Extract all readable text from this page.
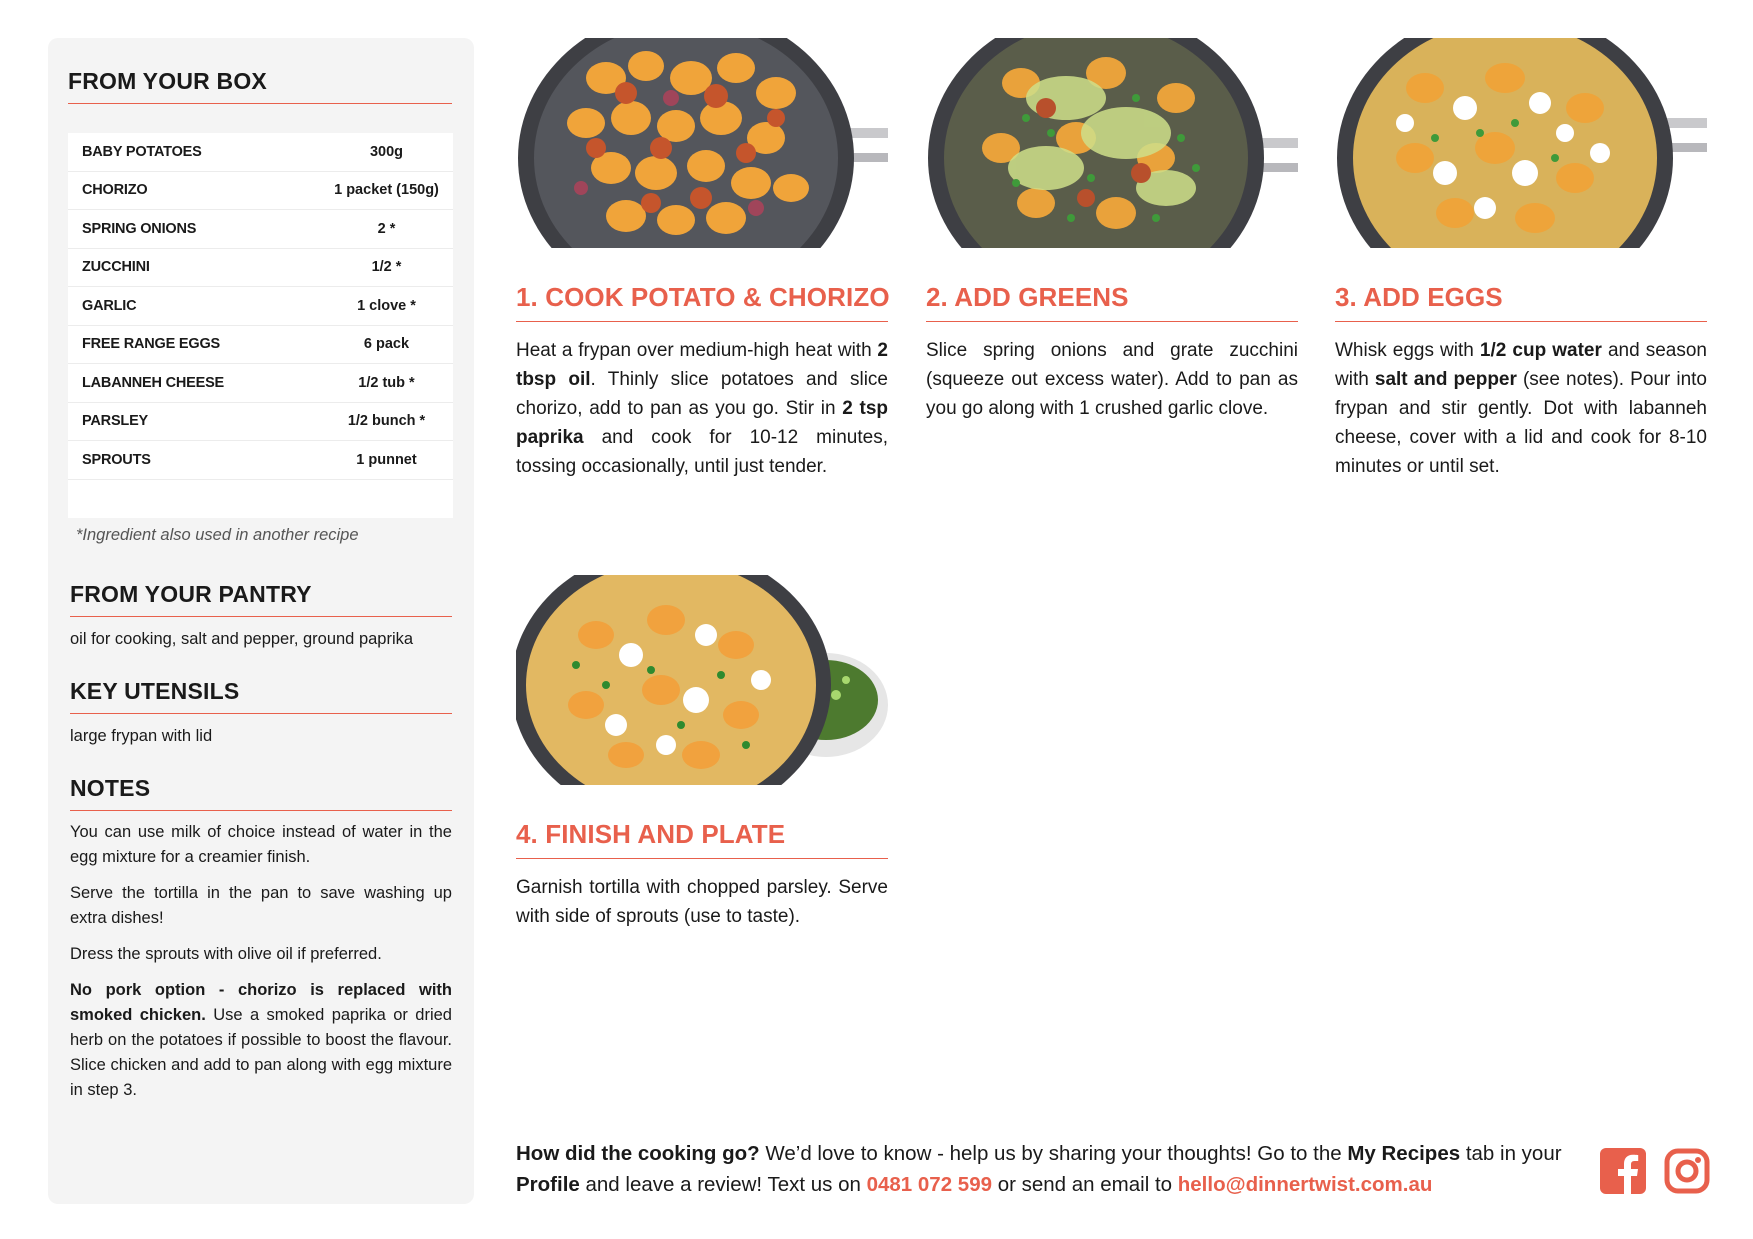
FROM YOUR BOX
BABY POTATOES	300g
CHORIZO	1 packet (150g)
SPRING ONIONS	2 *
ZUCCHINI	1/2 *
GARLIC	1 clove *
FREE RANGE EGGS	6 pack
LABANNEH CHEESE	1/2 tub *
PARSLEY	1/2 bunch *
SPROUTS	1 punnet
*Ingredient also used in another recipe
FROM YOUR PANTRY
oil for cooking, salt and pepper, ground paprika
KEY UTENSILS
large frypan with lid
NOTES

You can use milk of choice instead of water in the egg mixture for a creamier finish.

Serve the tortilla in the pan to save washing up extra dishes!

Dress the sprouts with olive oil if preferred.

No pork option - chorizo is replaced with smoked chicken. Use a smoked paprika or dried herb on the potatoes if possible to boost the flavour. Slice chicken and add to pan along with egg mixture in step 3.

1. COOK POTATO & CHORIZO
Heat a frypan over medium-high heat with 2 tbsp oil. Thinly slice potatoes and slice chorizo, add to pan as you go. Stir in 2 tsp paprika and cook for 10-12 minutes, tossing occasionally, until just tender.
2. ADD GREENS
Slice spring onions and grate zucchini (squeeze out excess water). Add to pan as you go along with 1 crushed garlic clove.
3. ADD EGGS
Whisk eggs with 1/2 cup water and season with salt and pepper (see notes). Pour into frypan and stir gently. Dot with labanneh cheese, cover with a lid and cook for 8-10 minutes or until set.
4. FINISH AND PLATE
Garnish tortilla with chopped parsley. Serve with side of sprouts (use to taste).
How did the cooking go? We’d love to know - help us by sharing your thoughts! Go to the My Recipes tab in your Profile and leave a review! Text us on 0481 072 599 or send an email to hello@dinnertwist.com.au
